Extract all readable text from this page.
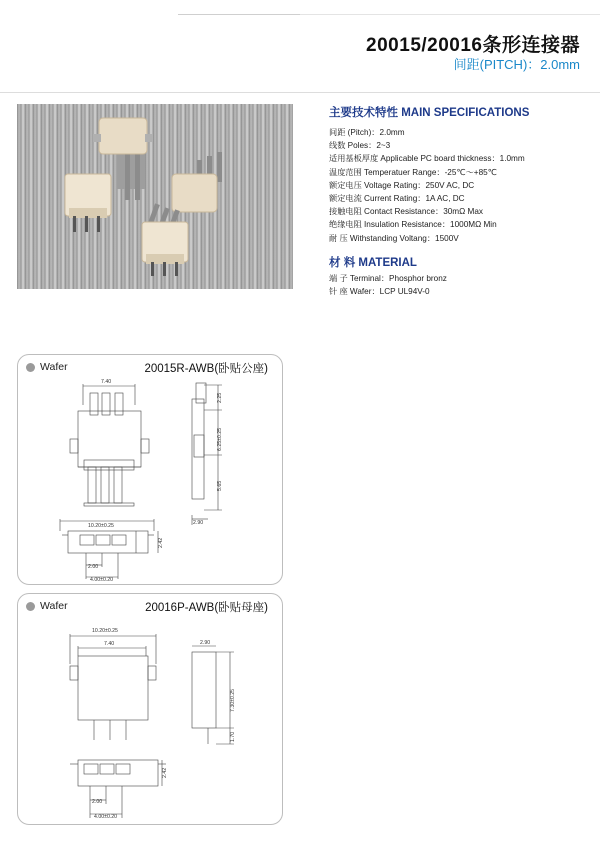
20015/20016条形连接器
间距(PITCH)：2.0mm
主要技术特性 MAIN SPECIFICATIONS
间距 (Pitch)：2.0mm
线数 Poles：2~3
适用基板厚度 Applicable PC board thickness：1.0mm
温度范围 Temperatuer Range：-25℃～+85℃
额定电压 Voltage Rating：250V AC, DC
额定电流 Current Rating：1A AC, DC
接触电阻 Contact Resistance：30mΩ Max
绝缘电阻 Insulation Resistance：1000MΩ Min
耐 压 Withstanding Voltang：1500V
材 料 MATERIAL
端 子 Terminal：Phosphor bronz
针 座 Wafer：LCP UL94V-0
Wafer	20015R-AWB(卧贴公座)
7.40
2.25
6.25±0.25
5.65
2.90
10.20±0.25
2.42
2.00
4.00±0.20
Wafer	20016P-AWB(卧贴母座)
10.20±0.25
7.40	2.90
7.30±0.25
1.70
2.42
2.00
4.00±0.20
